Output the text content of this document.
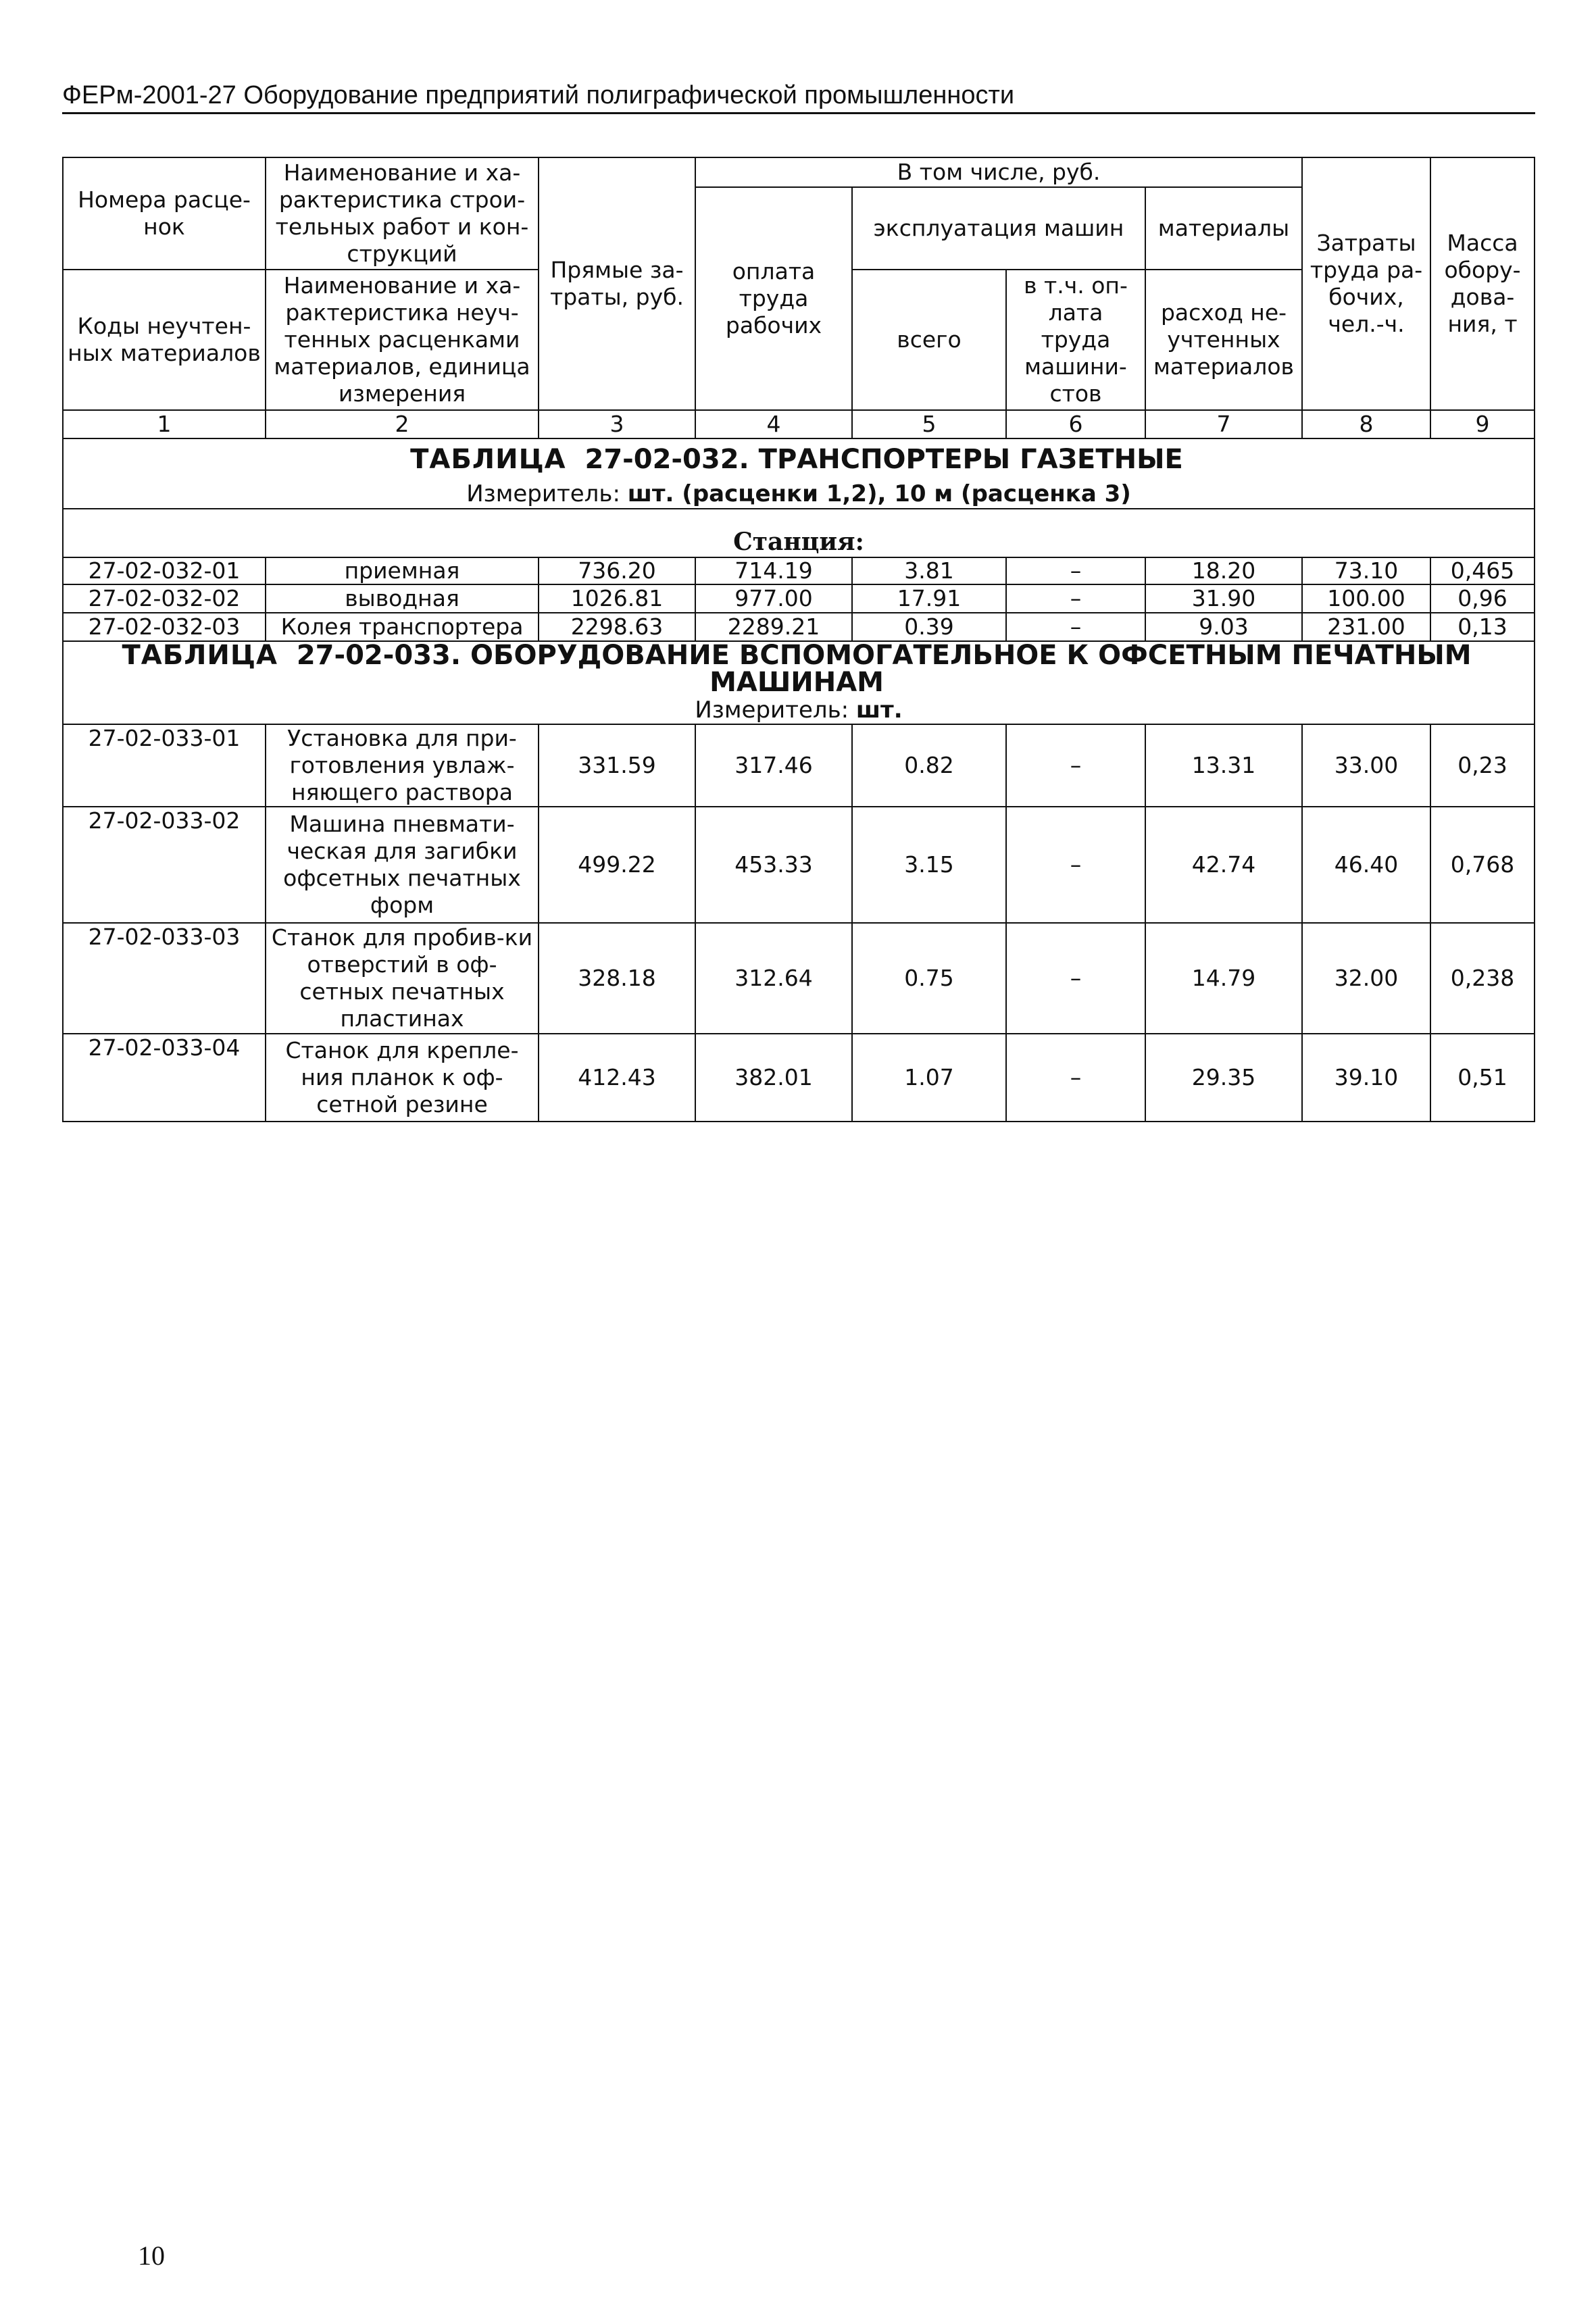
ФЕРм-2001-27 Оборудование предприятий полиграфической промышленности
Номера расце-нок	Наименование и ха-рактеристика строи-тельных работ и кон-струкций	Прямые за-траты, руб.	В том числе, руб.				Затраты труда ра-бочих, чел.-ч.	Масса обору-дова-ния, т
			оплата труда рабочих	эксплуатация машин		материалы		
Коды неучтен-ных материалов	Наименование и ха-рактеристика неуч-тенных расценками материалов, единица измерения			всего	в т.ч. оп-лата труда машини-стов	расход не-учтенных материалов		

1	2	3	4	5	6	7	8	9
ТАБЛИЦА 27-02-032. ТРАНСПОРТЕРЫ ГАЗЕТНЫЕ								
Измеритель: шт. (расценки 1,2), 10 м (расценка 3)								

Станция:								
27-02-032-01	приемная	736.20	714.19	3.81	–	18.20	73.10	0,465
27-02-032-02	выводная	1026.81	977.00	17.91	–	31.90	100.00	0,96
27-02-032-03	Колея транспортера	2298.63	2289.21	0.39	–	9.03	231.00	0,13
ТАБЛИЦА 27-02-033. ОБОРУДОВАНИЕ ВСПОМОГАТЕЛЬНОЕ К ОФСЕТНЫМ ПЕЧАТНЫМ МАШИНАМ								
Измеритель: шт.								
27-02-033-01	Установка для при-готовления увлаж-няющего раствора	331.59	317.46	0.82	–	13.31	33.00	0,23
27-02-033-02	Машина пневмати-ческая для загибки офсетных печатных форм	499.22	453.33	3.15	–	42.74	46.40	0,768
27-02-033-03	Станок для пробив-ки отверстий в оф-сетных печатных пластинах	328.18	312.64	0.75	–	14.79	32.00	0,238
27-02-033-04	Станок для крепле-ния планок к оф-сетной резине	412.43	382.01	1.07	–	29.35	39.10	0,51
10
